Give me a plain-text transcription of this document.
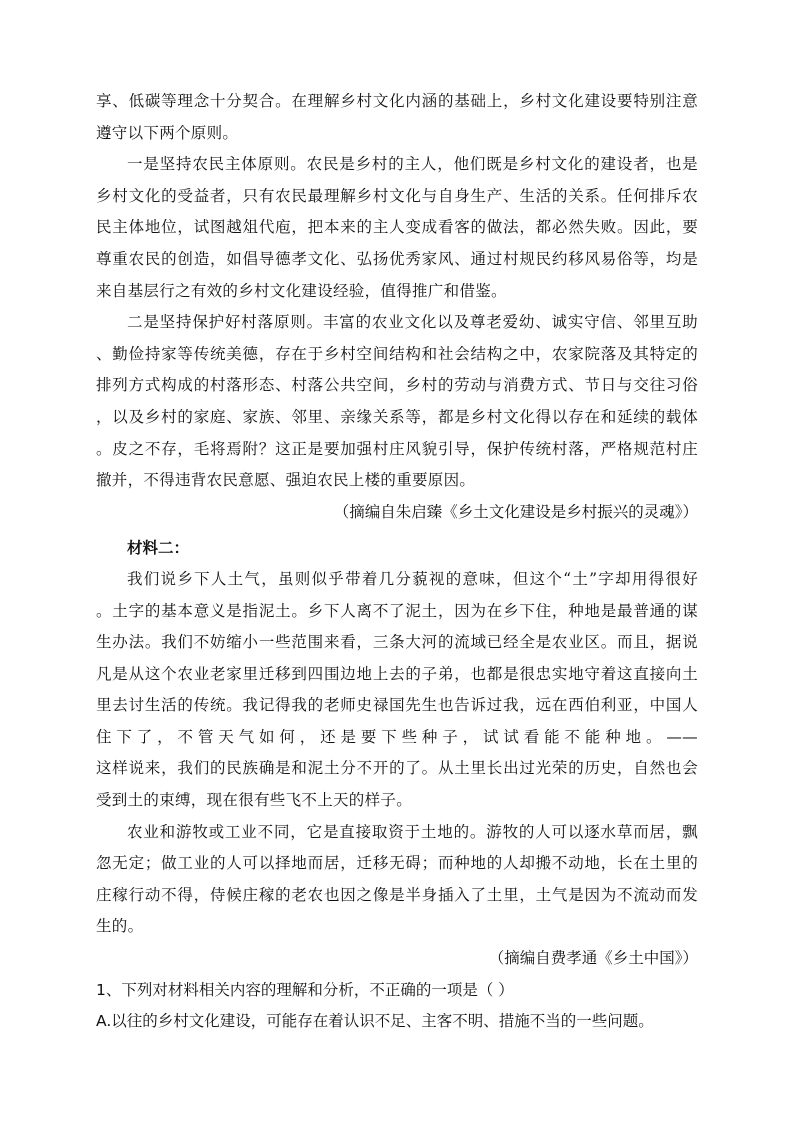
享、低碳等理念十分契合。在理解乡村文化内涵的基础上，乡村文化建设要特别注意
遵守以下两个原则。
一是坚持农民主体原则。农民是乡村的主人，他们既是乡村文化的建设者，也是
乡村文化的受益者，只有农民最理解乡村文化与自身生产、生活的关系。任何排斥农
民主体地位，试图越俎代庖，把本来的主人变成看客的做法，都必然失败。因此，要
尊重农民的创造，如倡导德孝文化、弘扬优秀家风、通过村规民约移风易俗等，均是
来自基层行之有效的乡村文化建设经验，值得推广和借鉴。
二是坚持保护好村落原则。丰富的农业文化以及尊老爱幼、诚实守信、邻里互助
、勤俭持家等传统美德，存在于乡村空间结构和社会结构之中，农家院落及其特定的
排列方式构成的村落形态、村落公共空间，乡村的劳动与消费方式、节日与交往习俗
，以及乡村的家庭、家族、邻里、亲缘关系等，都是乡村文化得以存在和延续的载体
。皮之不存，毛将焉附？这正是要加强村庄风貌引导，保护传统村落，严格规范村庄
撤并，不得违背农民意愿、强迫农民上楼的重要原因。
（摘编自朱启臻《乡土文化建设是乡村振兴的灵魂》）
材料二：
我们说乡下人土气，虽则似乎带着几分藐视的意味，但这个“土”字却用得很好
。土字的基本意义是指泥土。乡下人离不了泥土，因为在乡下住，种地是最普通的谋
生办法。我们不妨缩小一些范围来看，三条大河的流域已经全是农业区。而且，据说
凡是从这个农业老家里迁移到四围边地上去的子弟，也都是很忠实地守着这直接向土
里去讨生活的传统。我记得我的老师史禄国先生也告诉过我，远在西伯利亚，中国人
住下了，不管天气如何，还是要下些种子，试试看能不能种地。——
这样说来，我们的民族确是和泥土分不开的了。从土里长出过光荣的历史，自然也会
受到土的束缚，现在很有些飞不上天的样子。
农业和游牧或工业不同，它是直接取资于土地的。游牧的人可以逐水草而居，飘
忽无定；做工业的人可以择地而居，迁移无碍；而种地的人却搬不动地，长在土里的
庄稼行动不得，侍候庄稼的老农也因之像是半身插入了土里，土气是因为不流动而发
生的。
（摘编自费孝通《乡土中国》）
1、下列对材料相关内容的理解和分析，不正确的一项是（ ）
A.以往的乡村文化建设，可能存在着认识不足、主客不明、措施不当的一些问题。
